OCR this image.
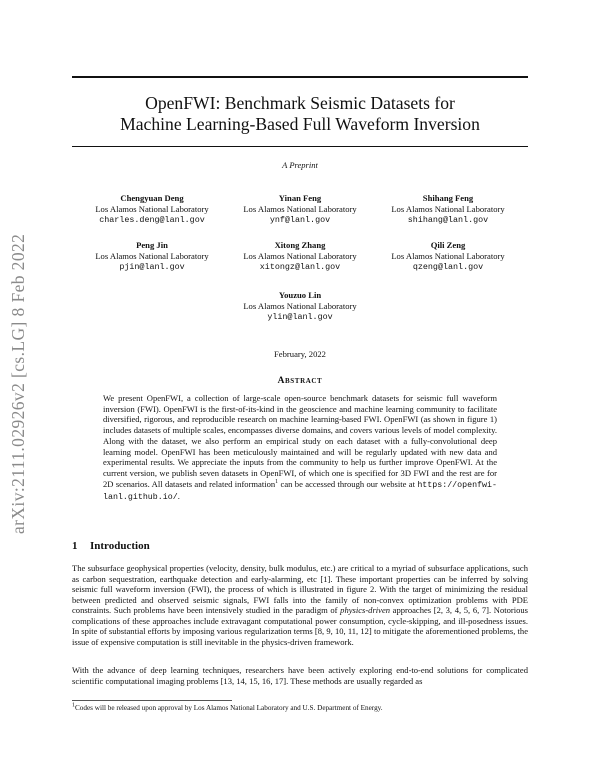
arXiv:2111.02926v2 [cs.LG] 8 Feb 2022
OpenFWI: Benchmark Seismic Datasets for
Machine Learning-Based Full Waveform Inversion
A Preprint
Chengyuan Deng
Los Alamos National Laboratory
charles.deng@lanl.gov
Yinan Feng
Los Alamos National Laboratory
ynf@lanl.gov
Shihang Feng
Los Alamos National Laboratory
shihang@lanl.gov
Peng Jin
Los Alamos National Laboratory
pjin@lanl.gov
Xitong Zhang
Los Alamos National Laboratory
xitongz@lanl.gov
Qili Zeng
Los Alamos National Laboratory
qzeng@lanl.gov
Youzuo Lin
Los Alamos National Laboratory
ylin@lanl.gov
February, 2022
Abstract
We present OpenFWI, a collection of large-scale open-source benchmark datasets for seismic full waveform inversion (FWI). OpenFWI is the first-of-its-kind in the geoscience and machine learning community to facilitate diversified, rigorous, and reproducible research on machine learning-based FWI. OpenFWI (as shown in figure 1) includes datasets of multiple scales, encompasses diverse domains, and covers various levels of model complexity. Along with the dataset, we also perform an empirical study on each dataset with a fully-convolutional deep learning model. OpenFWI has been meticulously maintained and will be regularly updated with new data and experimental results. We appreciate the inputs from the community to help us further improve OpenFWI. At the current version, we publish seven datasets in OpenFWI, of which one is specified for 3D FWI and the rest are for 2D scenarios. All datasets and related information$^1$ can be accessed through our website at https://openfwi-lanl.github.io/.
1 Introduction

The subsurface geophysical properties (velocity, density, bulk modulus, etc.) are critical to a myriad of subsurface applications, such as carbon sequestration, earthquake detection and early-alarming, etc [1]. These important properties can be inferred by solving seismic full waveform inversion (FWI), the process of which is illustrated in figure 2. With the target of minimizing the residual between predicted and observed seismic signals, FWI falls into the family of non-convex optimization problems with PDE constraints. Such problems have been intensively studied in the paradigm of physics-driven approaches [2, 3, 4, 5, 6, 7]. Notorious complications of these approaches include extravagant computational power consumption, cycle-skipping, and ill-posedness issues. In spite of substantial efforts by imposing various regularization terms [8, 9, 10, 11, 12] to mitigate the aforementioned problems, the issue of expensive computation is still inevitable in the physics-driven framework.

With the advance of deep learning techniques, researchers have been actively exploring end-to-end solutions for complicated scientific computational imaging problems [13, 14, 15, 16, 17]. These methods are usually regarded as

$^1$Codes will be released upon approval by Los Alamos National Laboratory and U.S. Department of Energy.
